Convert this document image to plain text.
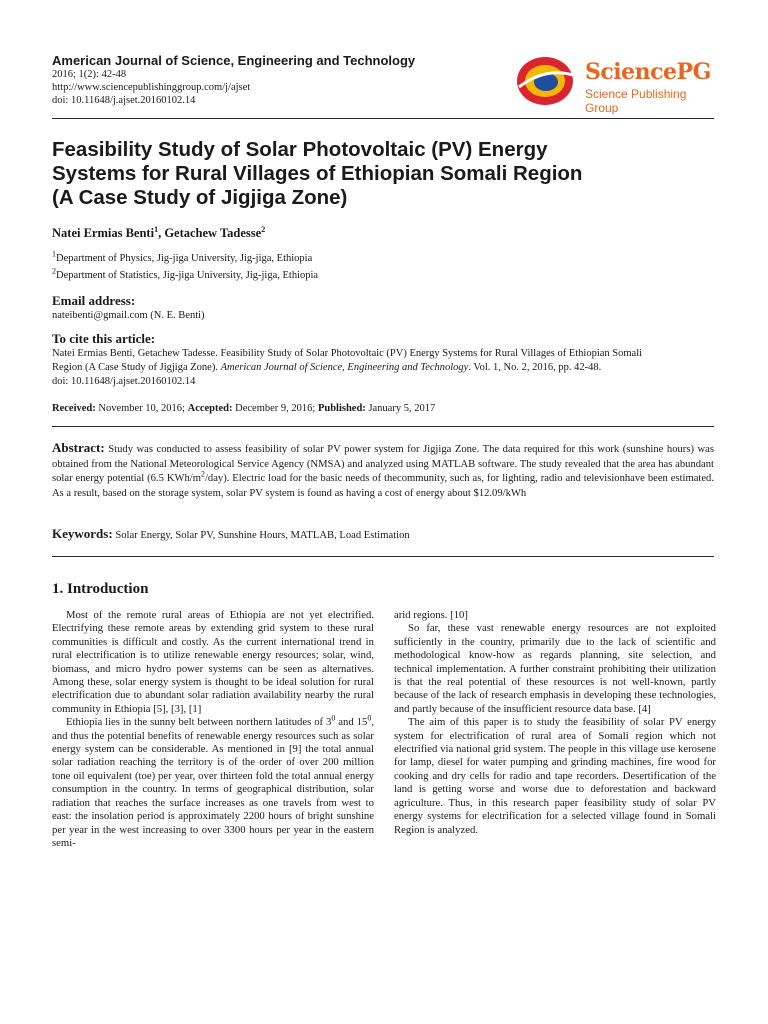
American Journal of Science, Engineering and Technology
2016; 1(2): 42-48
http://www.sciencepublishinggroup.com/j/ajset
doi: 10.11648/j.ajset.20160102.14
SciencePG
Science Publishing Group
Feasibility Study of Solar Photovoltaic (PV) Energy
Systems for Rural Villages of Ethiopian Somali Region
(A Case Study of Jigjiga Zone)
Natei Ermias Benti$^1$, Getachew Tadesse$^2$
$^1$Department of Physics, Jig-jiga University, Jig-jiga, Ethiopia
$^2$Department of Statistics, Jig-jiga University, Jig-jiga, Ethiopia
Email address:
nateibenti@gmail.com (N. E. Benti)
To cite this article:
Natei Ermias Benti, Getachew Tadesse. Feasibility Study of Solar Photovoltaic (PV) Energy Systems for Rural Villages of Ethiopian Somali
Region (A Case Study of Jigjiga Zone). American Journal of Science, Engineering and Technology. Vol. 1, No. 2, 2016, pp. 42-48.
doi: 10.11648/j.ajset.20160102.14
Received: November 10, 2016; Accepted: December 9, 2016; Published: January 5, 2017
Abstract: Study was conducted to assess feasibility of solar PV power system for Jigjiga Zone. The data required for this work (sunshine hours) was obtained from the National Meteorological Service Agency (NMSA) and analyzed using MATLAB software. The study revealed that the area has abundant solar energy potential (6.5 KWh/$m^2/day$). Electric load for the basic needs of thecommunity, such as, for lighting, radio and televisionhave been estimated. As a result, based on the storage system, solar PV system is found as having a cost of energy about $12.09/kWh
Keywords: Solar Energy, Solar PV, Sunshine Hours, MATLAB, Load Estimation
1. Introduction

Most of the remote rural areas of Ethiopia are not yet electrified. Electrifying these remote areas by extending grid system to these rural communities is difficult and costly. As the current international trend in rural electrification is to utilize renewable energy resources; solar, wind, biomass, and micro hydro power systems can be seen as alternatives. Among these, solar energy system is thought to be ideal solution for rural electrification due to abundant solar radiation availability nearby the rural community in Ethiopia [5], [3], [1]

Ethiopia lies in the sunny belt between northern latitudes of $3^0$ and $15^0$, and thus the potential benefits of renewable energy resources such as solar energy system can be considerable. As mentioned in [9] the total annual solar radiation reaching the territory is of the order of over 200 million tone oil equivalent (toe) per year, over thirteen fold the total annual energy consumption in the country. In terms of geographical distribution, solar radiation that reaches the surface increases as one travels from west to east: the insolation period is approximately 2200 hours of bright sunshine per year in the west increasing to over 3300 hours per year in the eastern semi-

arid regions. [10]

So far, these vast renewable energy resources are not exploited sufficiently in the country, primarily due to the lack of scientific and methodological know-how as regards planning, site selection, and technical implementation. A further constraint prohibiting their utilization is that the real potential of these resources is not well-known, partly because of the lack of research emphasis in developing these technologies, and partly because of the insufficient resource data base. [4]

The aim of this paper is to study the feasibility of solar PV energy system for electrification of rural area of Somali region which not electrified via national grid system. The people in this village use kerosene for lamp, diesel for water pumping and grinding machines, fire wood for cooking and dry cells for radio and tape recorders. Desertification of the land is getting worse and worse due to deforestation and backward agriculture. Thus, in this research paper feasibility study of solar PV energy systems for electrification for a selected village found in Somali Region is analyzed.
